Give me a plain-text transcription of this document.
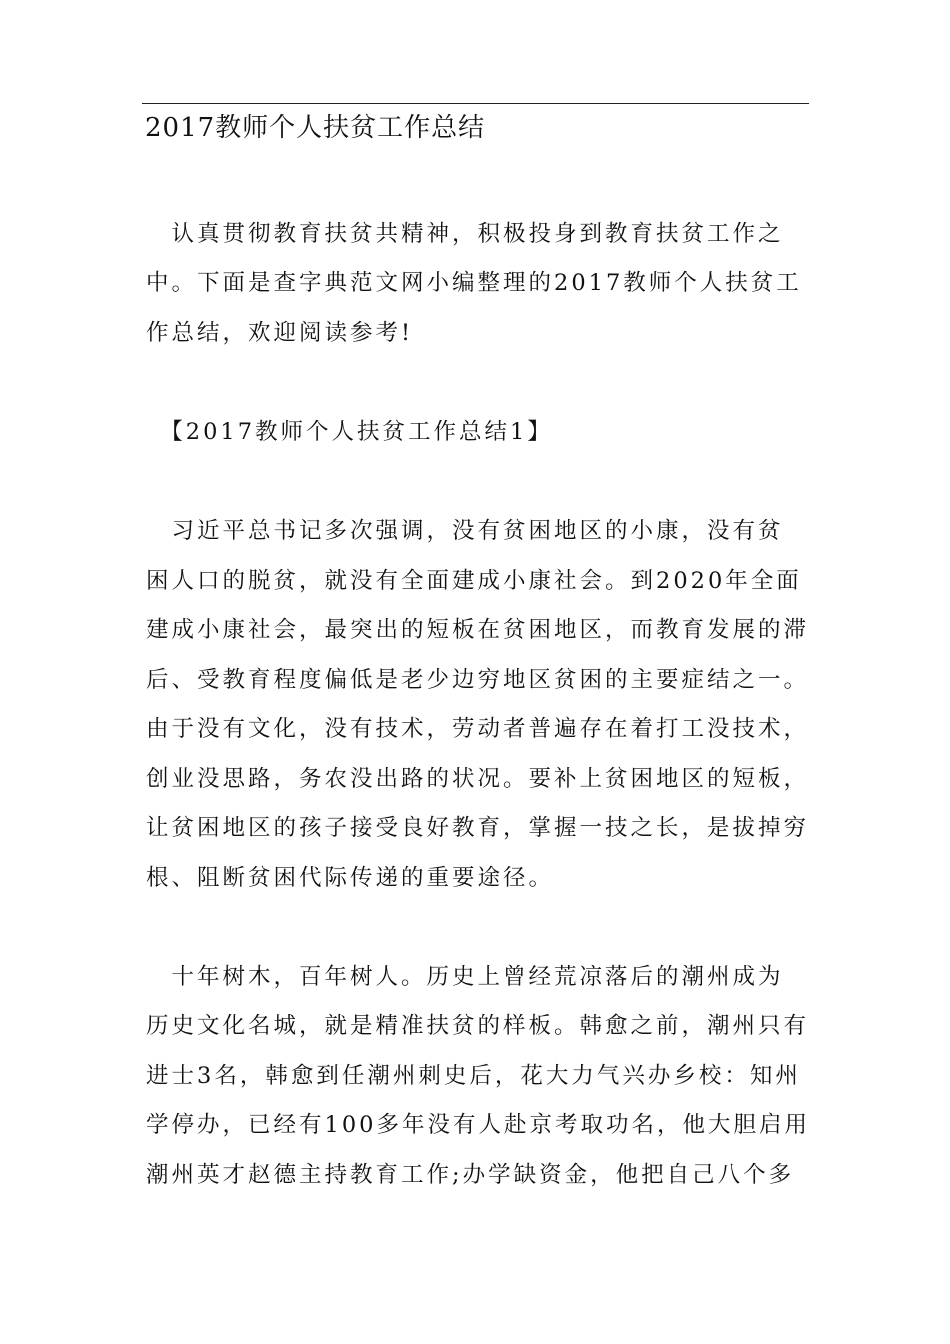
2017教师个人扶贫工作总结
　认真贯彻教育扶贫共精神，积极投身到教育扶贫工作之
中。下面是查字典范文网小编整理的2017教师个人扶贫工
作总结，欢迎阅读参考!
　【2017教师个人扶贫工作总结1】
　习近平总书记多次强调，没有贫困地区的小康，没有贫
困人口的脱贫，就没有全面建成小康社会。到2020年全面
建成小康社会，最突出的短板在贫困地区，而教育发展的滞
后、受教育程度偏低是老少边穷地区贫困的主要症结之一。
由于没有文化，没有技术，劳动者普遍存在着打工没技术，
创业没思路，务农没出路的状况。要补上贫困地区的短板，
让贫困地区的孩子接受良好教育，掌握一技之长，是拔掉穷
根、阻断贫困代际传递的重要途径。
　十年树木，百年树人。历史上曾经荒凉落后的潮州成为
历史文化名城，就是精准扶贫的样板。韩愈之前，潮州只有
进士3名，韩愈到任潮州刺史后，花大力气兴办乡校：知州
学停办，已经有100多年没有人赴京考取功名，他大胆启用
潮州英才赵德主持教育工作;办学缺资金，他把自己八个多
